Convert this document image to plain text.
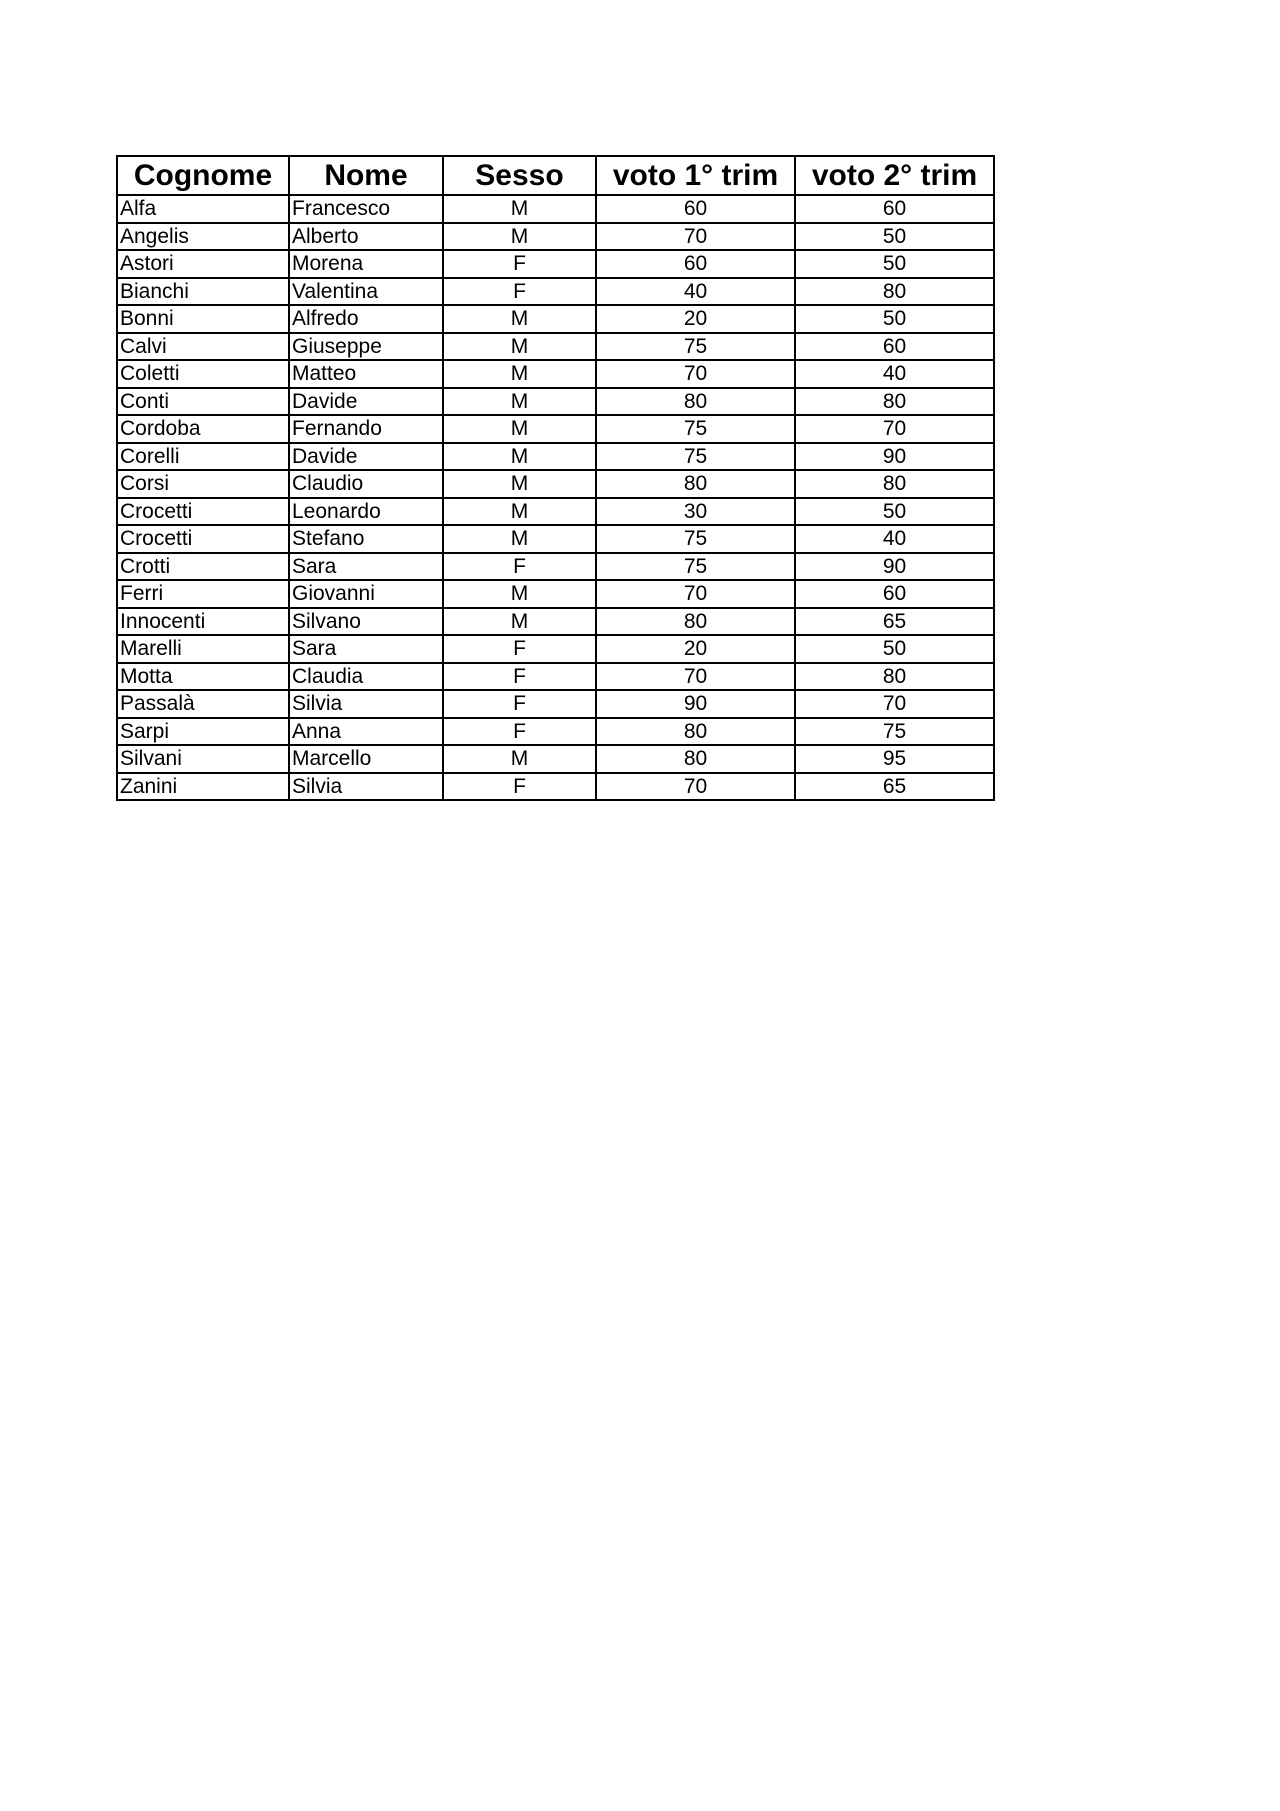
Cognome	Nome	Sesso	voto 1° trim	voto 2° trim
Alfa	Francesco	M	60	60
Angelis	Alberto	M	70	50
Astori	Morena	F	60	50
Bianchi	Valentina	F	40	80
Bonni	Alfredo	M	20	50
Calvi	Giuseppe	M	75	60
Coletti	Matteo	M	70	40
Conti	Davide	M	80	80
Cordoba	Fernando	M	75	70
Corelli	Davide	M	75	90
Corsi	Claudio	M	80	80
Crocetti	Leonardo	M	30	50
Crocetti	Stefano	M	75	40
Crotti	Sara	F	75	90
Ferri	Giovanni	M	70	60
Innocenti	Silvano	M	80	65
Marelli	Sara	F	20	50
Motta	Claudia	F	70	80
Passalà	Silvia	F	90	70
Sarpi	Anna	F	80	75
Silvani	Marcello	M	80	95
Zanini	Silvia	F	70	65
